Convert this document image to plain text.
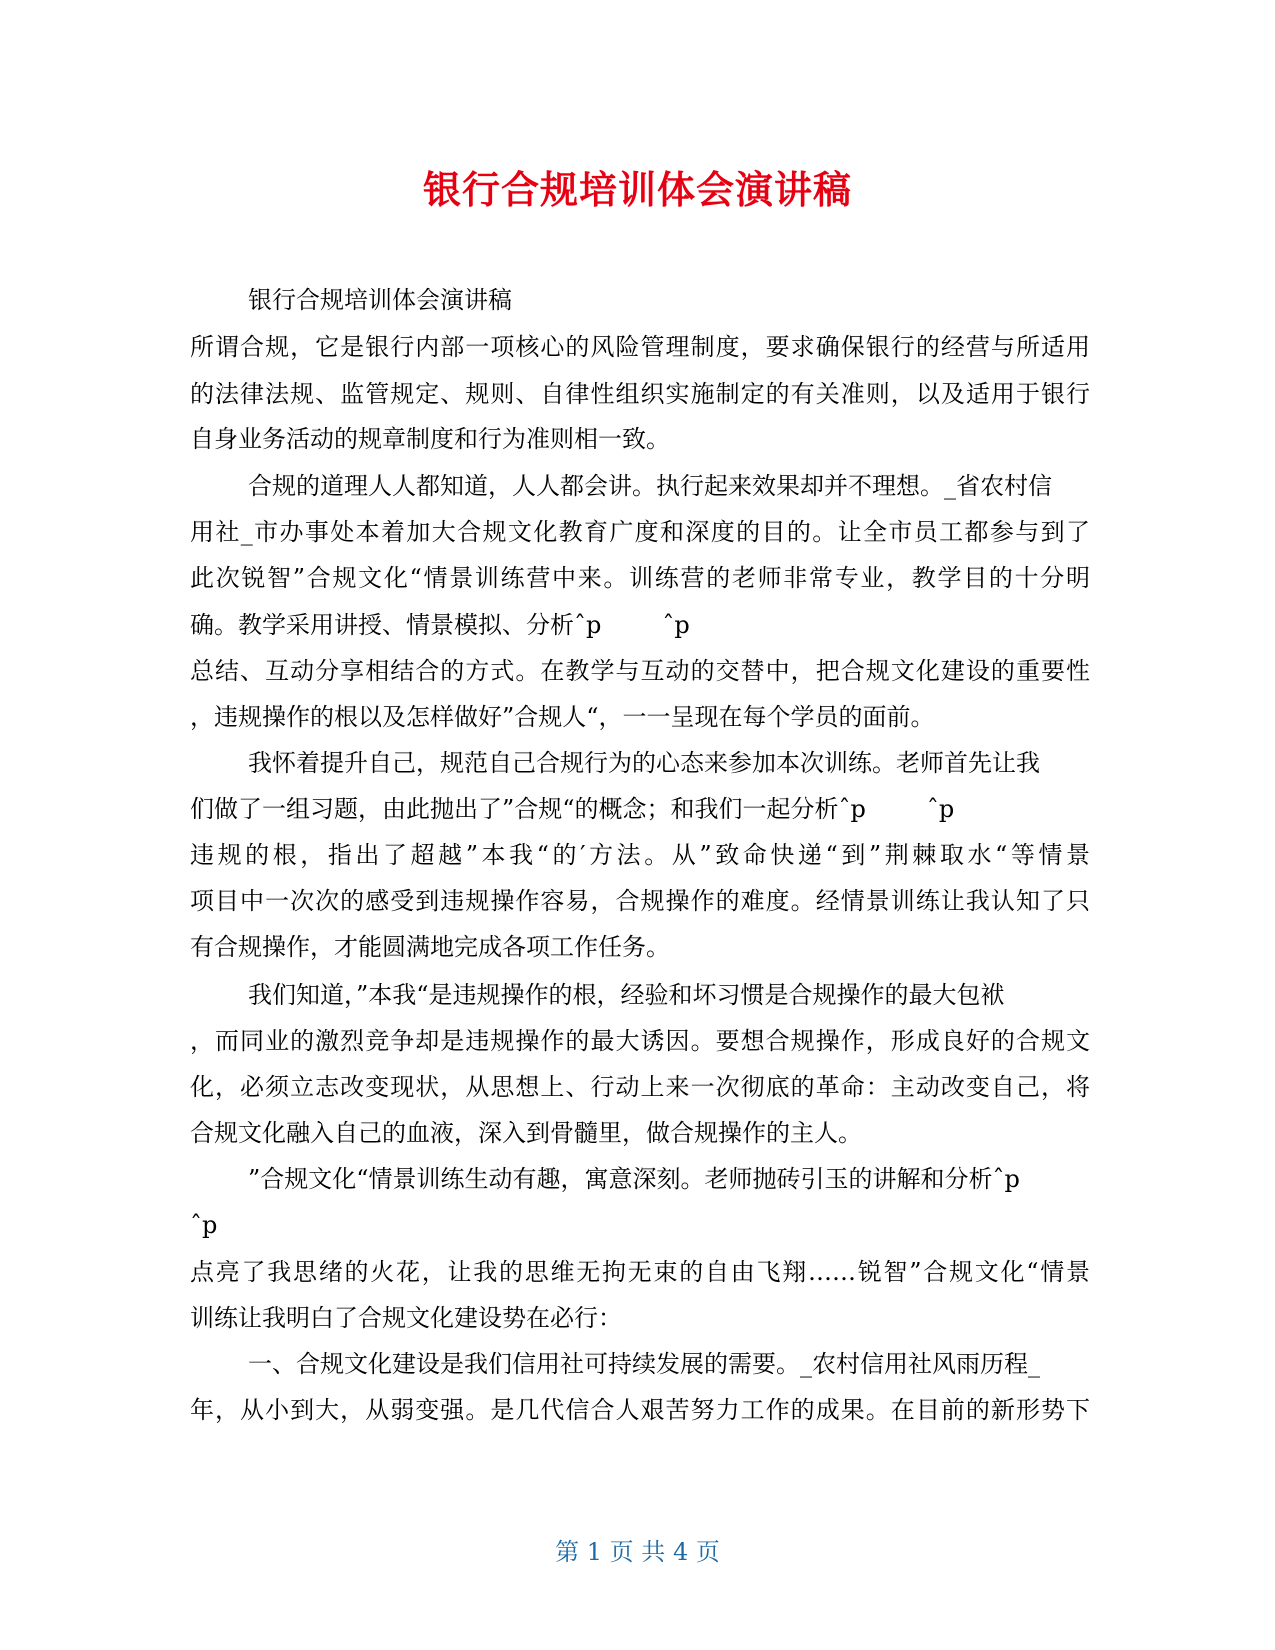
银行合规培训体会演讲稿
银行合规培训体会演讲稿
所谓合规，它是银行内部一项核心的风险管理制度，要求确保银行的经营与所适用
的法律法规、监管规定、规则、自律性组织实施制定的有关准则，以及适用于银行
自身业务活动的规章制度和行为准则相一致。
合规的道理人人都知道，人人都会讲。执行起来效果却并不理想。_省农村信
用社_市办事处本着加大合规文化教育广度和深度的目的。让全市员工都参与到了
此次锐智”合规文化“情景训练营中来。训练营的老师非常专业，教学目的十分明
确。教学采用讲授、情景模拟、分析ˆp        ˆp
总结、互动分享相结合的方式。在教学与互动的交替中，把合规文化建设的重要性
，违规操作的根以及怎样做好”合规人“，一一呈现在每个学员的面前。
我怀着提升自己，规范自己合规行为的心态来参加本次训练。老师首先让我
们做了一组习题，由此抛出了”合规“的概念；和我们一起分析ˆp        ˆp
违规的根，指出了超越”本我“的′方法。从”致命快递“到”荆棘取水“等情景
项目中一次次的感受到违规操作容易，合规操作的难度。经情景训练让我认知了只
有合规操作，才能圆满地完成各项工作任务。
我们知道，”本我“是违规操作的根，经验和坏习惯是合规操作的最大包袱
，而同业的激烈竞争却是违规操作的最大诱因。要想合规操作，形成良好的合规文
化，必须立志改变现状，从思想上、行动上来一次彻底的革命：主动改变自己，将
合规文化融入自己的血液，深入到骨髓里，做合规操作的主人。
”合规文化“情景训练生动有趣，寓意深刻。老师抛砖引玉的讲解和分析ˆp
ˆp
点亮了我思绪的火花，让我的思维无拘无束的自由飞翔……锐智”合规文化“情景
训练让我明白了合规文化建设势在必行：
一、合规文化建设是我们信用社可持续发展的需要。_农村信用社风雨历程_
年，从小到大，从弱变强。是几代信合人艰苦努力工作的成果。在目前的新形势下
第 1 页 共 4 页
